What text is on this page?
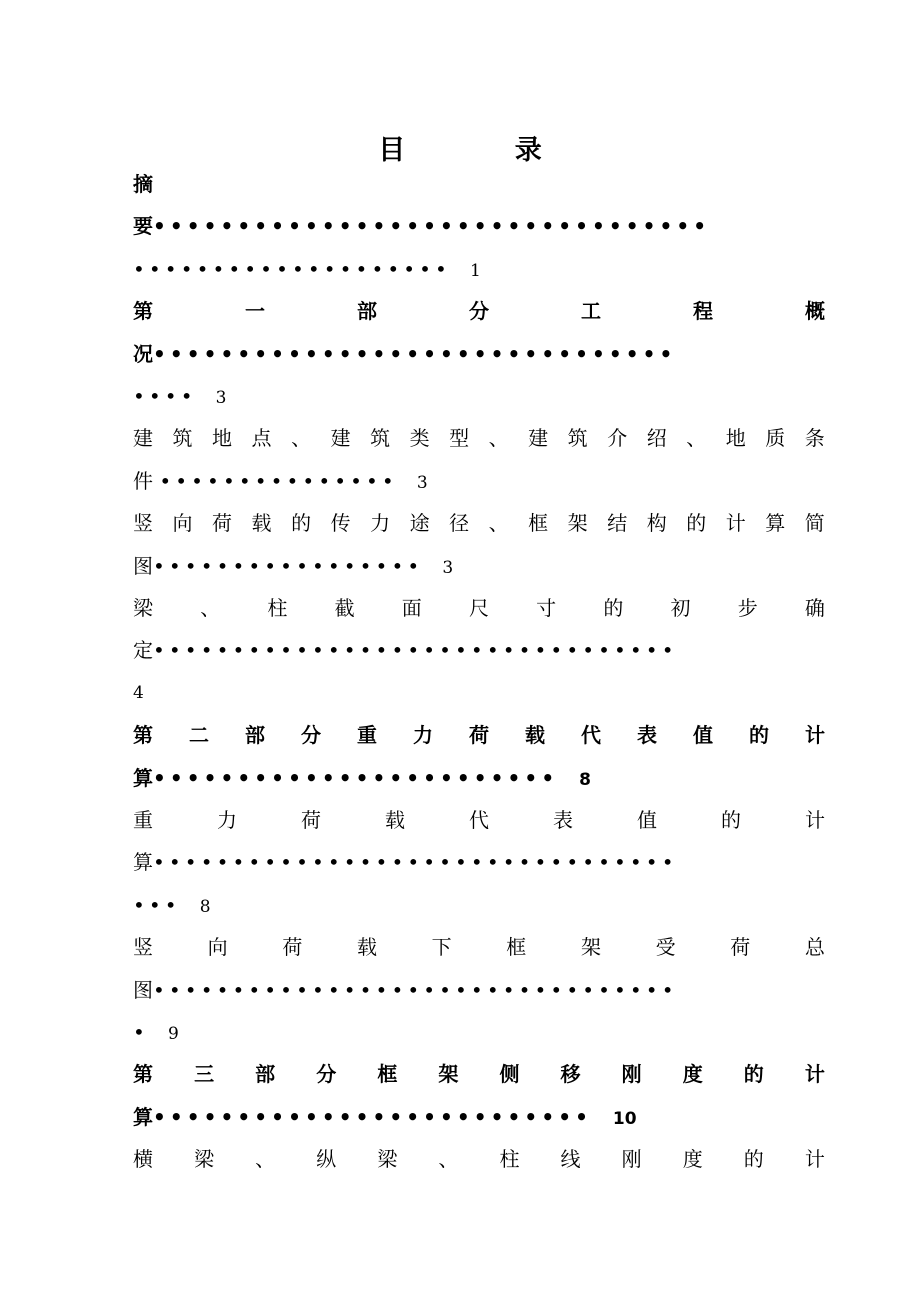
目 录
摘
要•••••••••••••••••••••••••••••••••
•••••••••••••••••••• 1
第	一	部	分	工	程	概
况•••••••••••••••••••••••••••••••
•••• 3
建 筑 地 点 、 建 筑 类 型 、 建 筑 介 绍 、 地 质 条
件 ••••••••••••••• 3
竖 向 荷 载 的 传 力 途 径 、 框 架 结 构 的 计 算 简
图••••••••••••••••• 3
梁 、 柱 截 面 尺 寸 的 初 步 确
定•••••••••••••••••••••••••••••••••
4
第 二 部 分 重 力 荷 载 代 表 值 的 计
算•••••••••••••••••••••••• 8
重	力	荷	载	代	表	值	的	计
算•••••••••••••••••••••••••••••••••
••• 8
竖	向	荷	载	下	框	架	受	荷	总
图•••••••••••••••••••••••••••••••••
• 9
第 三 部 分 框 架 侧 移 刚 度 的 计
算•••••••••••••••••••••••••• 10
横 梁 、 纵 梁 、 柱 线 刚 度 的 计
